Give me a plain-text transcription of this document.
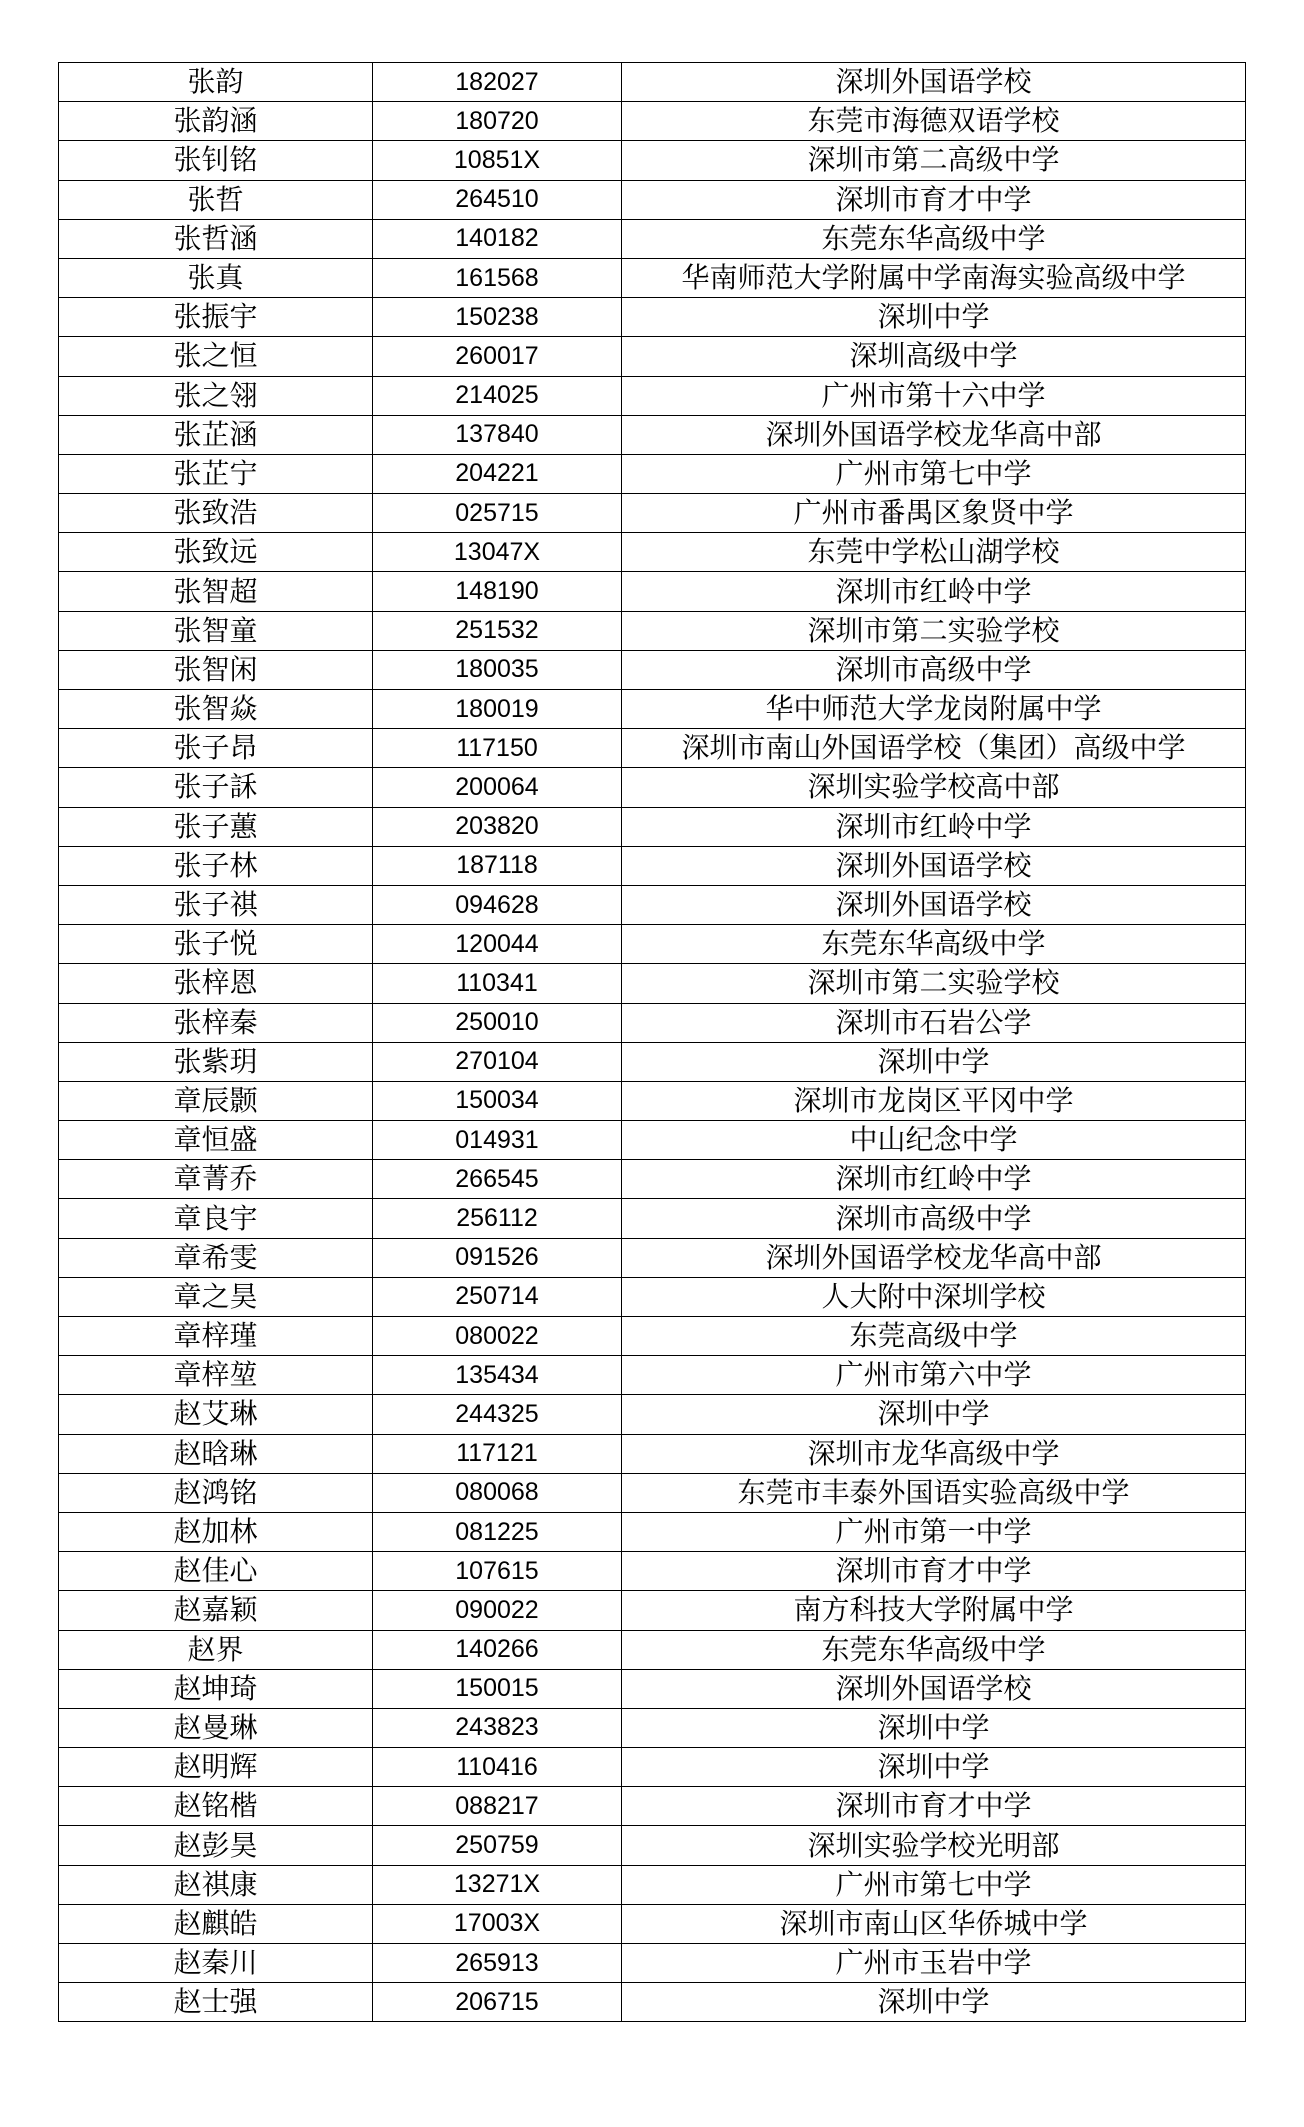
张韵	182027	深圳外国语学校
张韵涵	180720	东莞市海德双语学校
张钊铭	10851X	深圳市第二高级中学
张哲	264510	深圳市育才中学
张哲涵	140182	东莞东华高级中学
张真	161568	华南师范大学附属中学南海实验高级中学
张振宇	150238	深圳中学
张之恒	260017	深圳高级中学
张之翎	214025	广州市第十六中学
张芷涵	137840	深圳外国语学校龙华高中部
张芷宁	204221	广州市第七中学
张致浩	025715	广州市番禺区象贤中学
张致远	13047X	东莞中学松山湖学校
张智超	148190	深圳市红岭中学
张智童	251532	深圳市第二实验学校
张智闲	180035	深圳市高级中学
张智焱	180019	华中师范大学龙岗附属中学
张子昂	117150	深圳市南山外国语学校（集团）高级中学
张子訸	200064	深圳实验学校高中部
张子蕙	203820	深圳市红岭中学
张子林	187118	深圳外国语学校
张子祺	094628	深圳外国语学校
张子悦	120044	东莞东华高级中学
张梓恩	110341	深圳市第二实验学校
张梓秦	250010	深圳市石岩公学
张紫玥	270104	深圳中学
章辰颢	150034	深圳市龙岗区平冈中学
章恒盛	014931	中山纪念中学
章菁乔	266545	深圳市红岭中学
章良宇	256112	深圳市高级中学
章希雯	091526	深圳外国语学校龙华高中部
章之昊	250714	人大附中深圳学校
章梓瑾	080022	东莞高级中学
章梓堃	135434	广州市第六中学
赵艾琳	244325	深圳中学
赵晗琳	117121	深圳市龙华高级中学
赵鸿铭	080068	东莞市丰泰外国语实验高级中学
赵加林	081225	广州市第一中学
赵佳心	107615	深圳市育才中学
赵嘉颖	090022	南方科技大学附属中学
赵界	140266	东莞东华高级中学
赵坤琦	150015	深圳外国语学校
赵曼琳	243823	深圳中学
赵明辉	110416	深圳中学
赵铭楷	088217	深圳市育才中学
赵彭昊	250759	深圳实验学校光明部
赵祺康	13271X	广州市第七中学
赵麒皓	17003X	深圳市南山区华侨城中学
赵秦川	265913	广州市玉岩中学
赵士强	206715	深圳中学
